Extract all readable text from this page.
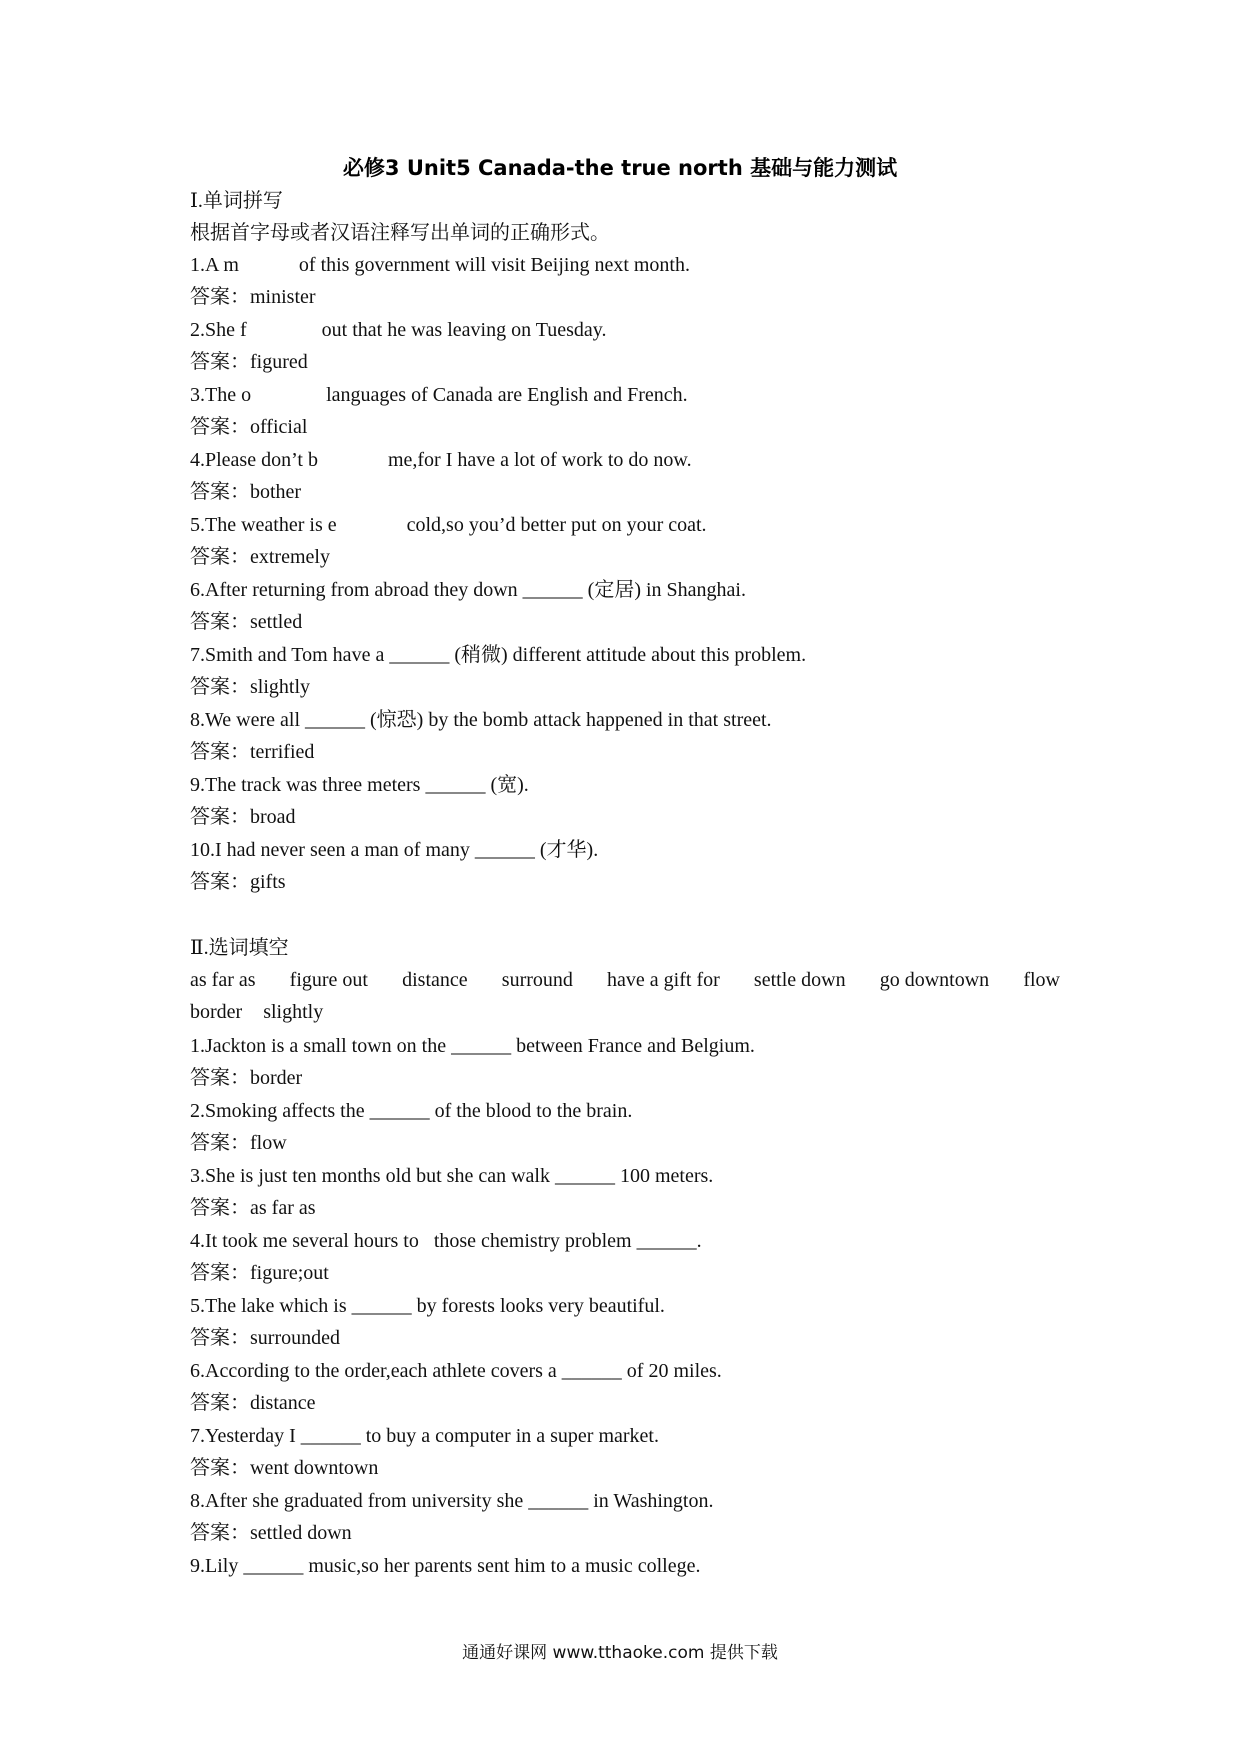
必修3 Unit5 Canada-the true north 基础与能力测试
Ⅰ.单词拼写
根据首字母或者汉语注释写出单词的正确形式。
1.A m	of this government will visit Beijing next month.
答案：minister
2.She f	out that he was leaving on Tuesday.
答案：figured
3.The o	languages of Canada are English and French.
答案：official
4.Please don’t b	me,for I have a lot of work to do now.
答案：bother
5.The weather is e	cold,so you’d better put on your coat.
答案：extremely
6.After returning from abroad they down ______ (定居) in Shanghai.
答案：settled
7.Smith and Tom have a ______ (稍微) different attitude about this problem.
答案：slightly
8.We were all ______ (惊恐) by the bomb attack happened in that street.
答案：terrified
9.The track was three meters ______ (宽).
答案：broad
10.I had never seen a man of many ______ (才华).
答案：gifts
Ⅱ.选词填空
as far as figure out distance surround have a gift for settle down go downtown flow
border slightly
1.Jackton is a small town on the ______ between France and Belgium.
答案：border
2.Smoking affects the ______ of the blood to the brain.
答案：flow
3.She is just ten months old but she can walk ______ 100 meters.
答案：as far as
4.It took me several hours to   those chemistry problem ______.
答案：figure;out
5.The lake which is ______ by forests looks very beautiful.
答案：surrounded
6.According to the order,each athlete covers a ______ of 20 miles.
答案：distance
7.Yesterday I ______ to buy a computer in a super market.
答案：went downtown
8.After she graduated from university she ______ in Washington.
答案：settled down
9.Lily ______ music,so her parents sent him to a music college.
通通好课网 www.tthaoke.com 提供下载
